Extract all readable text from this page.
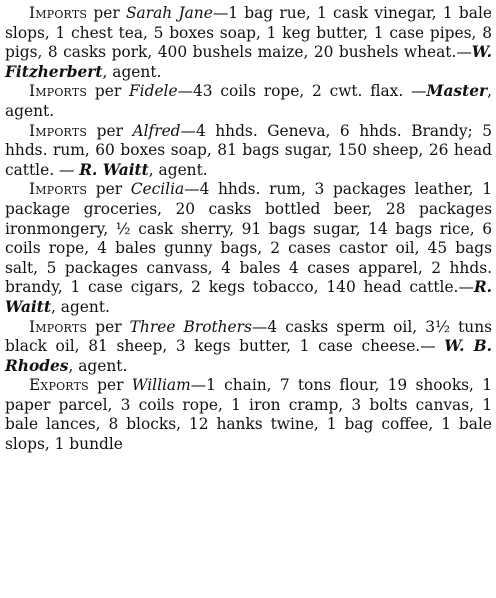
Imports per Sarah Jane—1 bag rue, 1 cask vinegar, 1 bale slops, 1 chest tea, 5 boxes soap, 1 keg butter, 1 case pipes, 8 pigs, 8 casks pork, 400 bushels maize, 20 bushels wheat.—W. Fitzherbert, agent.

Imports per Fidele—43 coils rope, 2 cwt. flax. —Master, agent.

Imports per Alfred—4 hhds. Geneva, 6 hhds. Brandy; 5 hhds. rum, 60 boxes soap, 81 bags sugar, 150 sheep, 26 head cattle. — R. Waitt, agent.

Imports per Cecilia—4 hhds. rum, 3 packages leather, 1 package groceries, 20 casks bottled beer, 28 packages ironmongery, ½ cask sherry, 91 bags sugar, 14 bags rice, 6 coils rope, 4 bales gunny bags, 2 cases castor oil, 45 bags salt, 5 packages canvass, 4 bales 4 cases apparel, 2 hhds. brandy, 1 case cigars, 2 kegs tobacco, 140 head cattle.—R. Waitt, agent.

Imports per Three Brothers—4 casks sperm oil, 3½ tuns black oil, 81 sheep, 3 kegs butter, 1 case cheese.— W. B. Rhodes, agent.

Exports per William—1 chain, 7 tons flour, 19 shooks, 1 paper parcel, 3 coils rope, 1 iron cramp, 3 bolts canvas, 1 bale lances, 8 blocks, 12 hanks twine, 1 bag coffee, 1 bale slops, 1 bundle
